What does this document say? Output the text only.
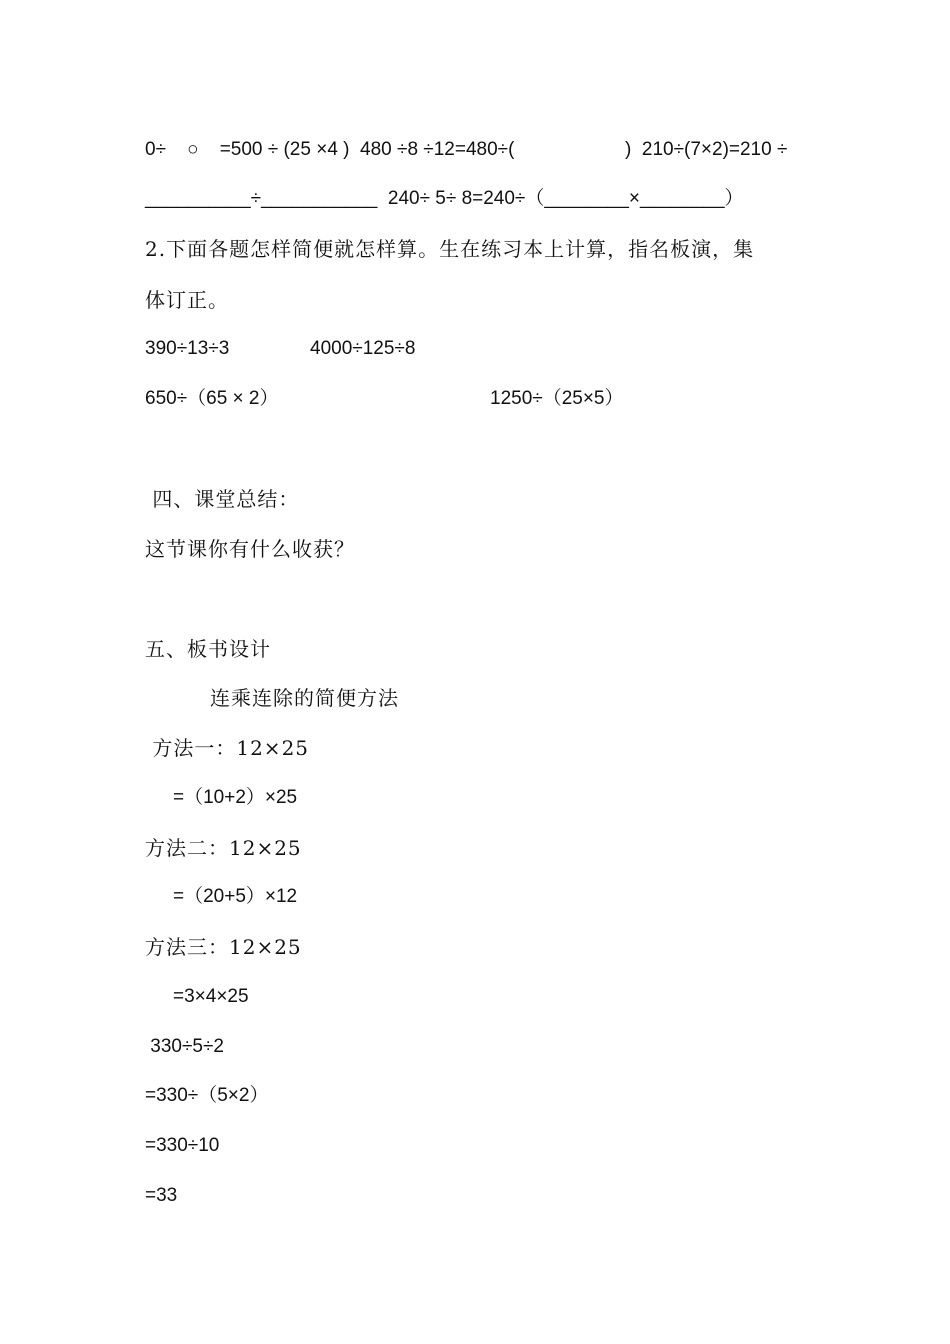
0÷    ○    =500 ÷ (25 ×4 )  480 ÷8 ÷12=480÷(	)  210÷(7×2)=210 ÷
__________÷___________  240÷ 5÷ 8=240÷（________×________）
2.下面各题怎样简便就怎样算。生在练习本上计算，指名板演，集
体订正。
390÷13÷3	4000÷125÷8
650÷（65 × 2）	1250÷（25×5）
四、课堂总结：
这节课你有什么收获？
五、板书设计
连乘连除的简便方法
方法一：12×25
=（10+2）×25
方法二：12×25
=（20+5）×12
方法三：12×25
=3×4×25
330÷5÷2
=330÷（5×2）
=330÷10
=33
